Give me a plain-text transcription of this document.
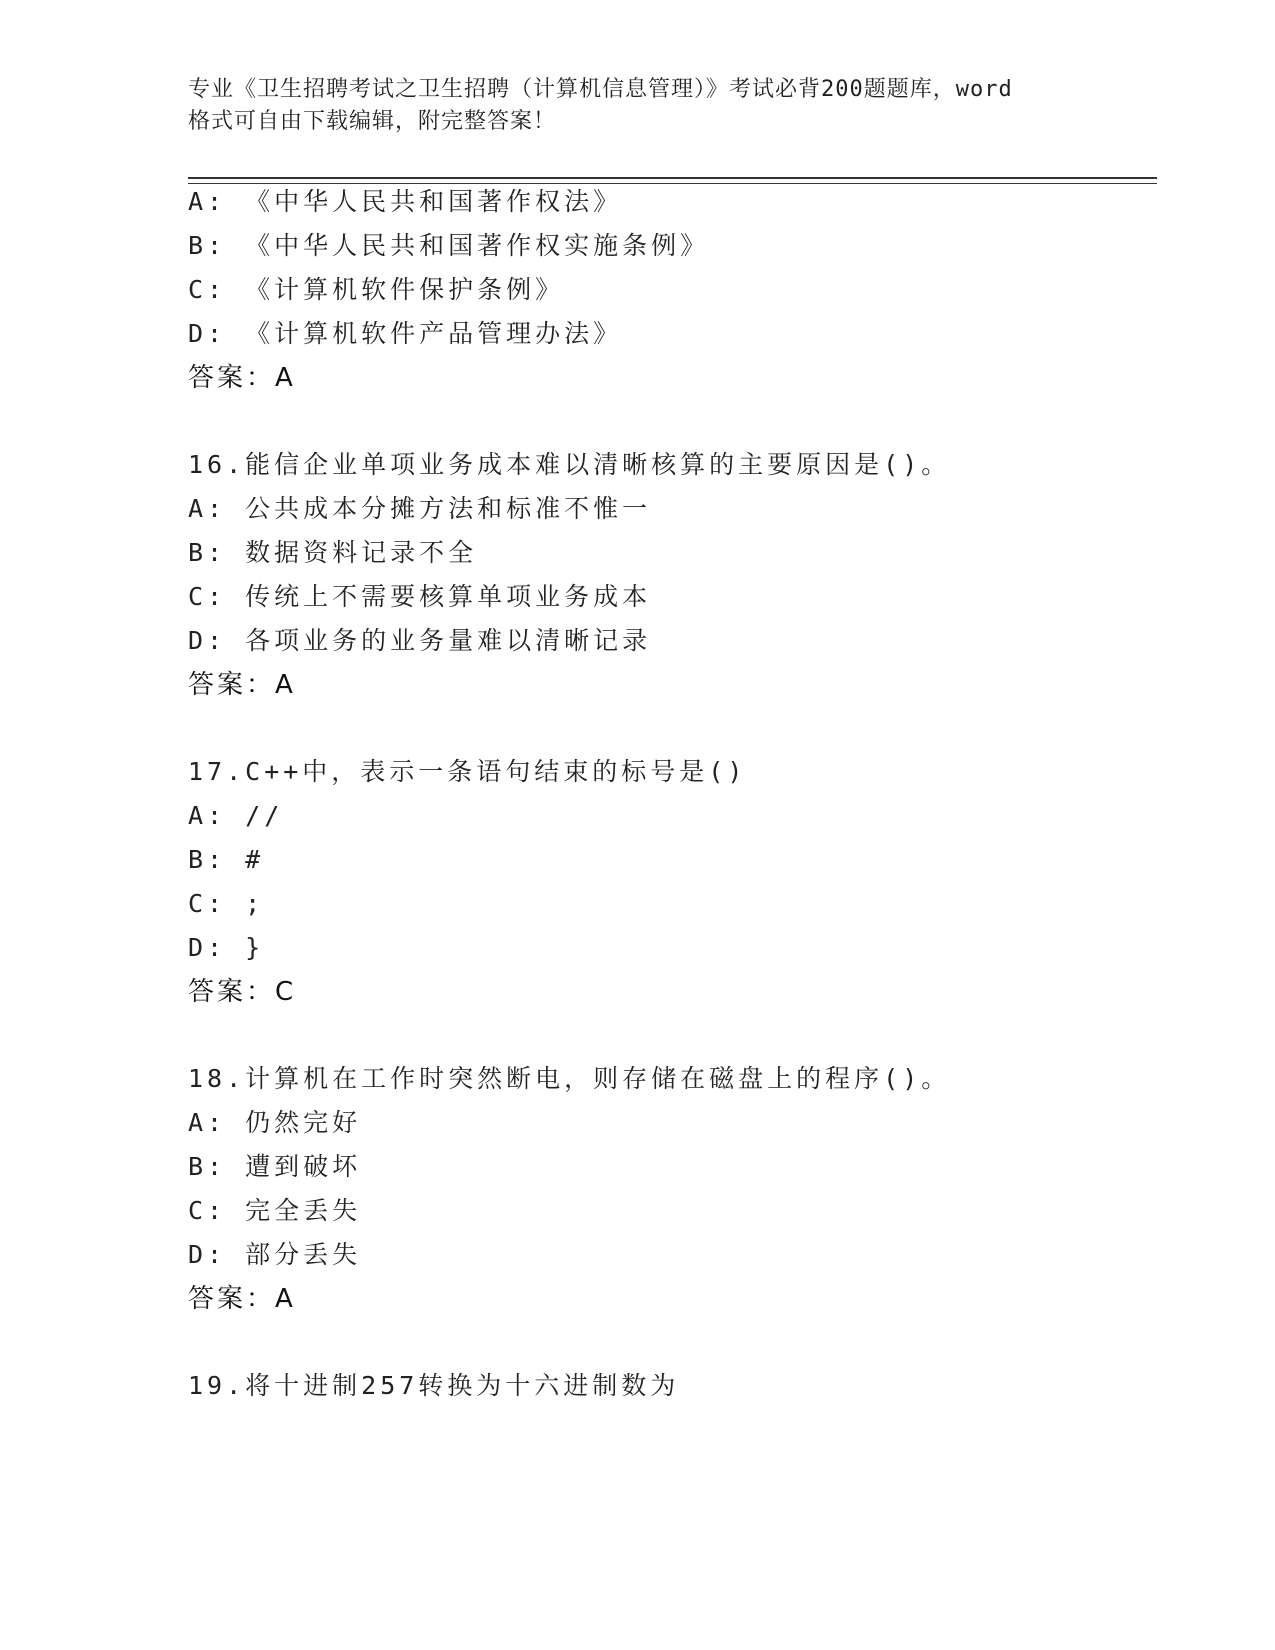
专业《卫生招聘考试之卫生招聘（计算机信息管理）》考试必背200题题库，word
格式可自由下载编辑，附完整答案！
A: 《中华人民共和国著作权法》
B: 《中华人民共和国著作权实施条例》
C: 《计算机软件保护条例》
D: 《计算机软件产品管理办法》
答案：A
16.能信企业单项业务成本难以清晰核算的主要原因是()。
A: 公共成本分摊方法和标准不惟一
B: 数据资料记录不全
C: 传统上不需要核算单项业务成本
D: 各项业务的业务量难以清晰记录
答案：A
17.C++中，表示一条语句结束的标号是()
A: //
B: #
C: ;
D: }
答案：C
18.计算机在工作时突然断电，则存储在磁盘上的程序()。
A: 仍然完好
B: 遭到破坏
C: 完全丢失
D: 部分丢失
答案：A
19.将十进制257转换为十六进制数为
